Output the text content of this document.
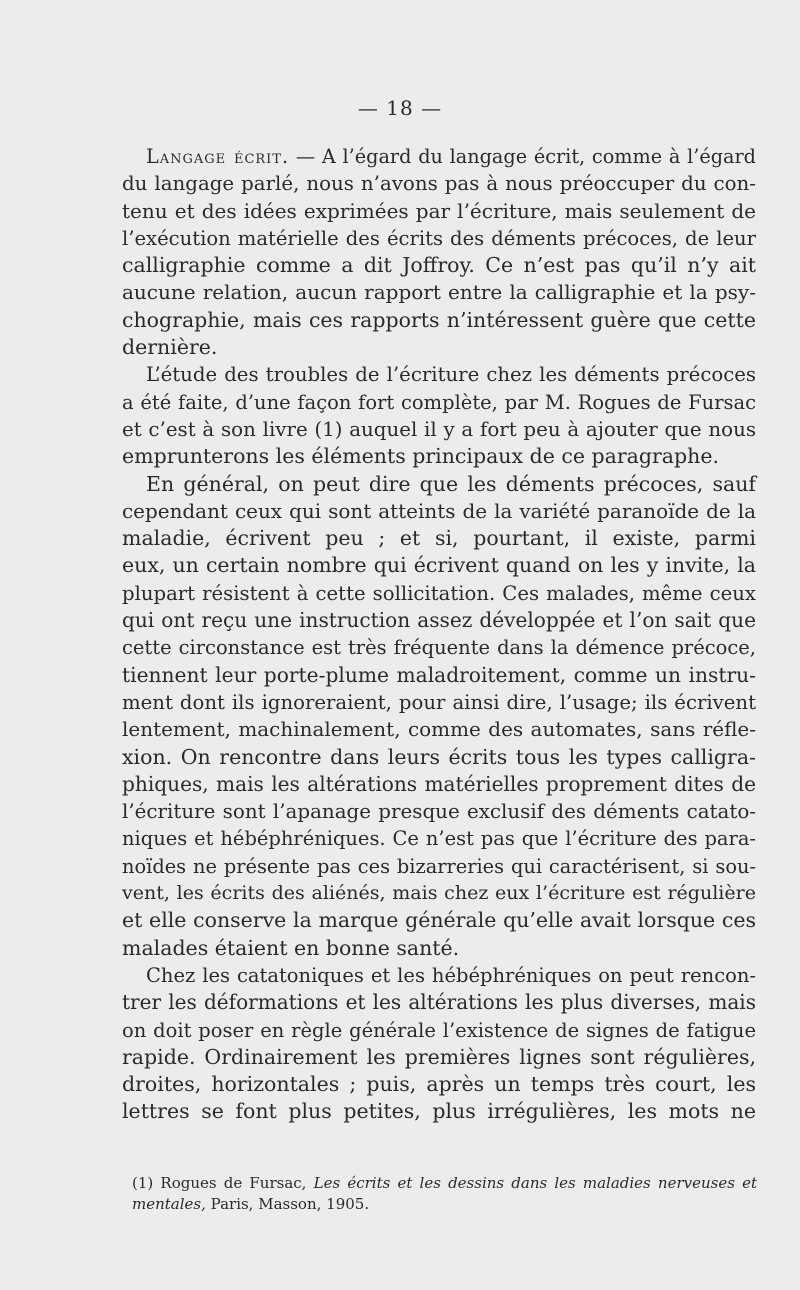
— 18 —
Langage écrit. — A l’égard du langage écrit, comme à l’égard
du langage parlé, nous n’avons pas à nous préoccuper du con-
tenu et des idées exprimées par l’écriture, mais seulement de
l’exécution matérielle des écrits des déments précoces, de leur
calligraphie comme a dit Joffroy. Ce n’est pas qu’il n’y ait
aucune relation, aucun rapport entre la calligraphie et la psy-
chographie, mais ces rapports n’intéressent guère que cette
dernière.
L’étude des troubles de l’écriture chez les déments précoces
a été faite, d’une façon fort complète, par M. Rogues de Fursac
et c’est à son livre (1) auquel il y a fort peu à ajouter que nous
emprunterons les éléments principaux de ce paragraphe.
En général, on peut dire que les déments précoces, sauf
cependant ceux qui sont atteints de la variété paranoïde de la
maladie, écrivent peu ; et si, pourtant, il existe, parmi
eux, un certain nombre qui écrivent quand on les y invite, la
plupart résistent à cette sollicitation. Ces malades, même ceux
qui ont reçu une instruction assez développée et l’on sait que
cette circonstance est très fréquente dans la démence précoce,
tiennent leur porte-plume maladroitement, comme un instru-
ment dont ils ignoreraient, pour ainsi dire, l’usage; ils écrivent
lentement, machinalement, comme des automates, sans réfle-
xion. On rencontre dans leurs écrits tous les types calligra-
phiques, mais les altérations matérielles proprement dites de
l’écriture sont l’apanage presque exclusif des déments catato-
niques et hébéphréniques. Ce n’est pas que l’écriture des para-
noïdes ne présente pas ces bizarreries qui caractérisent, si sou-
vent, les écrits des aliénés, mais chez eux l’écriture est régulière
et elle conserve la marque générale qu’elle avait lorsque ces
malades étaient en bonne santé.
Chez les catatoniques et les hébéphréniques on peut rencon-
trer les déformations et les altérations les plus diverses, mais
on doit poser en règle générale l’existence de signes de fatigue
rapide. Ordinairement les premières lignes sont régulières,
droites, horizontales ; puis, après un temps très court, les
lettres se font plus petites, plus irrégulières, les mots ne
(1) Rogues de Fursac, Les écrits et les dessins dans les maladies nerveuses et
mentales, Paris, Masson, 1905.
